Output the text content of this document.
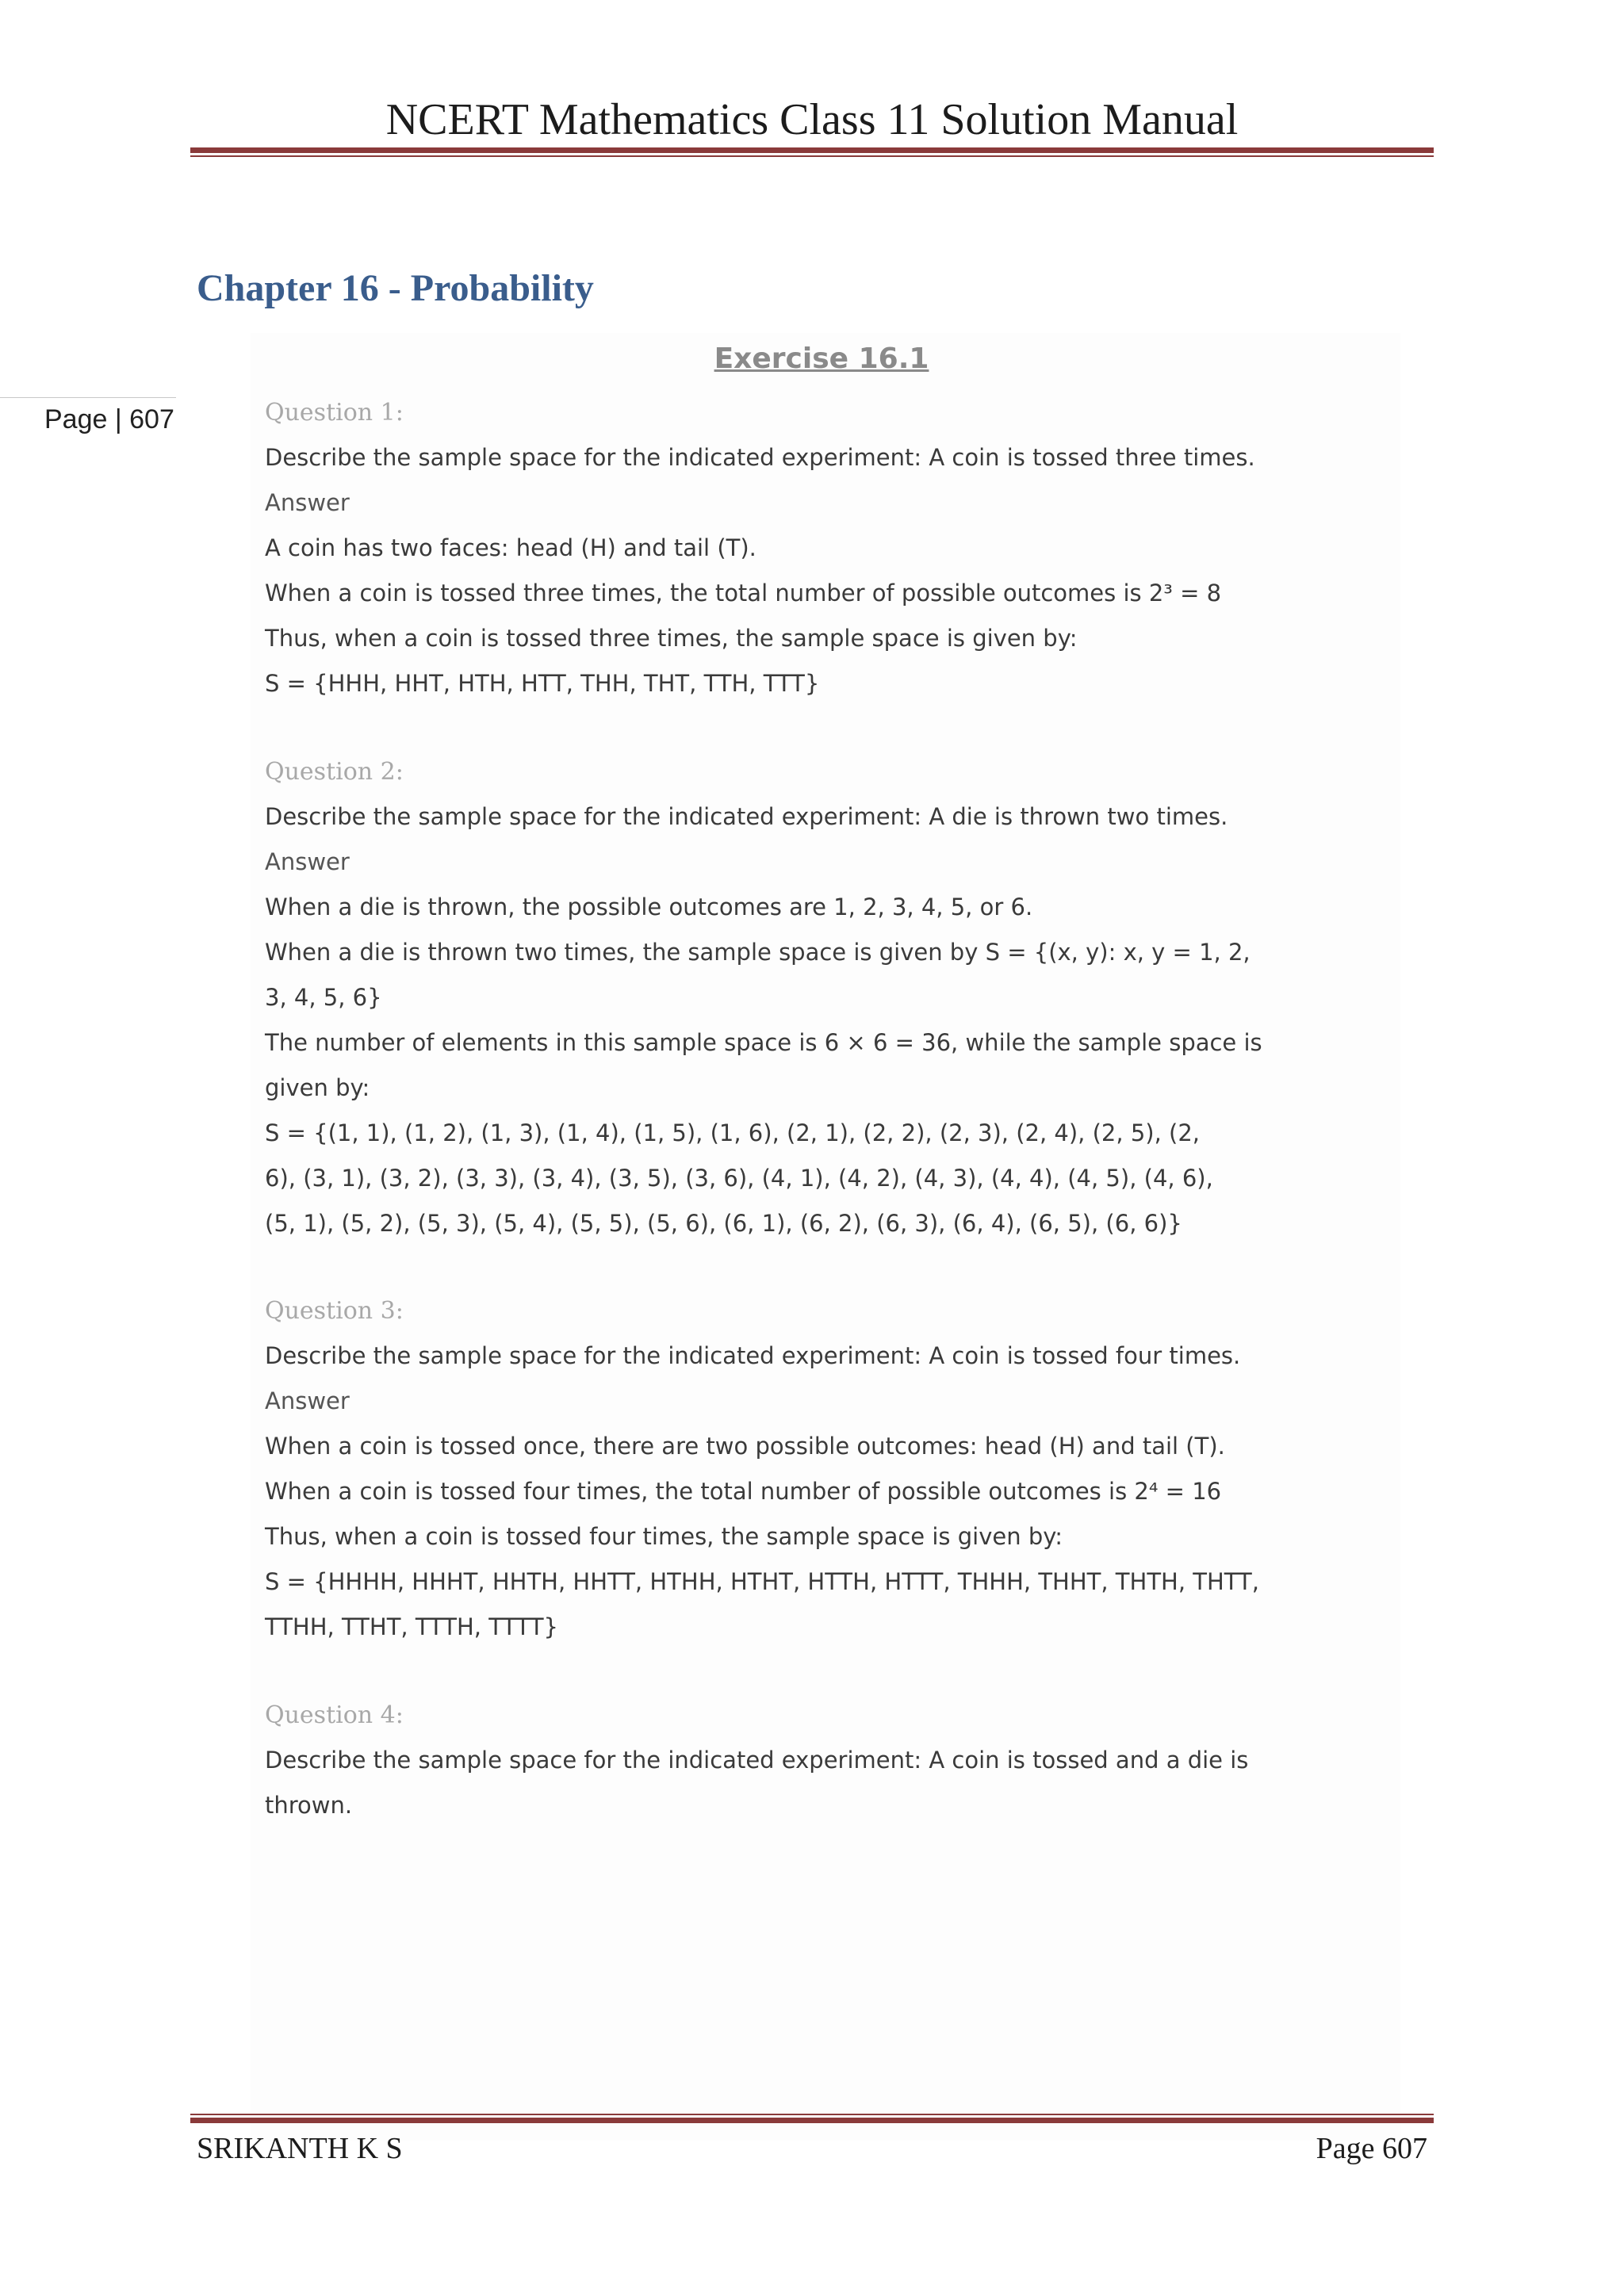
NCERT Mathematics Class 11 Solution Manual
Chapter 16 - Probability
Page | 607
Exercise 16.1
Question 1:
Describe the sample space for the indicated experiment: A coin is tossed three times.
Answer
A coin has two faces: head (H) and tail (T).
When a coin is tossed three times, the total number of possible outcomes is 2³ = 8
Thus, when a coin is tossed three times, the sample space is given by:
S = {HHH, HHT, HTH, HTT, THH, THT, TTH, TTT}
Question 2:
Describe the sample space for the indicated experiment: A die is thrown two times.
Answer
When a die is thrown, the possible outcomes are 1, 2, 3, 4, 5, or 6.
When a die is thrown two times, the sample space is given by S = {(x, y): x, y = 1, 2,
3, 4, 5, 6}
The number of elements in this sample space is 6 × 6 = 36, while the sample space is
given by:
S = {(1, 1), (1, 2), (1, 3), (1, 4), (1, 5), (1, 6), (2, 1), (2, 2), (2, 3), (2, 4), (2, 5), (2,
6), (3, 1), (3, 2), (3, 3), (3, 4), (3, 5), (3, 6), (4, 1), (4, 2), (4, 3), (4, 4), (4, 5), (4, 6),
(5, 1), (5, 2), (5, 3), (5, 4), (5, 5), (5, 6), (6, 1), (6, 2), (6, 3), (6, 4), (6, 5), (6, 6)}
Question 3:
Describe the sample space for the indicated experiment: A coin is tossed four times.
Answer
When a coin is tossed once, there are two possible outcomes: head (H) and tail (T).
When a coin is tossed four times, the total number of possible outcomes is 2⁴ = 16
Thus, when a coin is tossed four times, the sample space is given by:
S = {HHHH, HHHT, HHTH, HHTT, HTHH, HTHT, HTTH, HTTT, THHH, THHT, THTH, THTT,
TTHH, TTHT, TTTH, TTTT}
Question 4:
Describe the sample space for the indicated experiment: A coin is tossed and a die is
thrown.
SRIKANTH K S	Page 607
